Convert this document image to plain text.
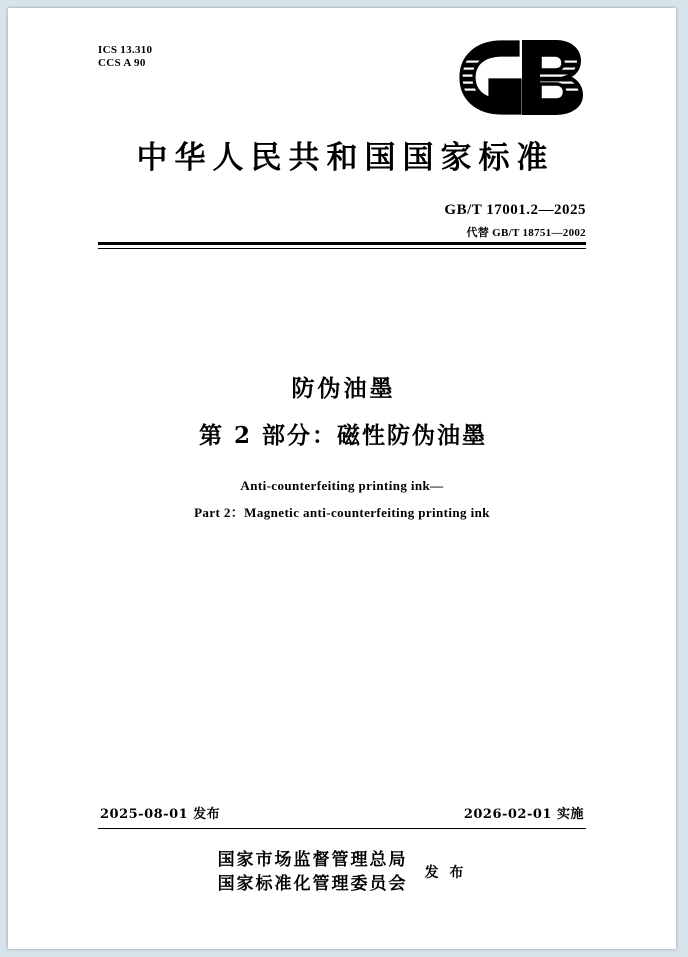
ICS 13.310
CCS A 90
中华人民共和国国家标准
GB/T 17001.2—2025
代替 GB/T 18751—2002
防伪油墨
第 2 部分：磁性防伪油墨
Anti-counterfeiting printing ink—
Part 2：Magnetic anti-counterfeiting printing ink
2025-08-01 发布	2026-02-01 实施
国家市场监督管理总局
国家标准化管理委员会 发 布
